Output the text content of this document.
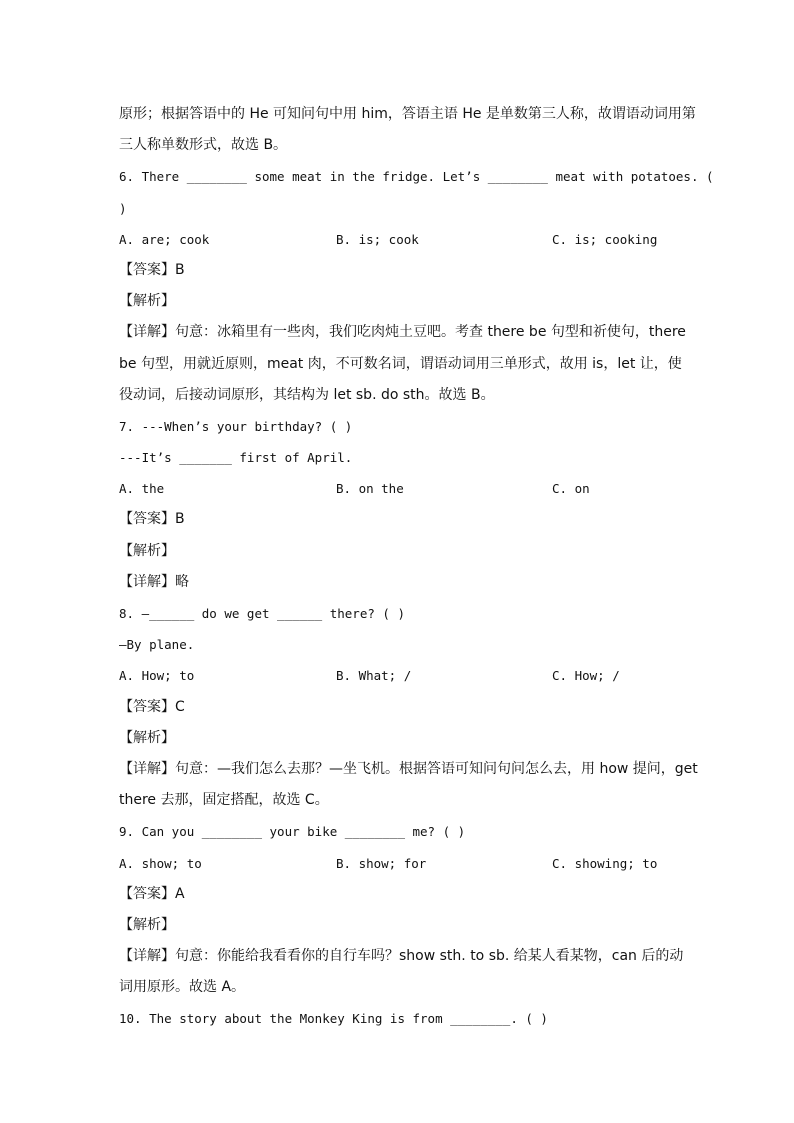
原形；根据答语中的 He 可知问句中用 him，答语主语 He 是单数第三人称，故谓语动词用第
三人称单数形式，故选 B。
6. There ________ some meat in the fridge. Let’s ________ meat with potatoes. (
)
A. are; cook	B. is; cook	C. is; cooking
【答案】B
【解析】
【详解】句意：冰箱里有一些肉，我们吃肉炖土豆吧。考查 there be 句型和祈使句，there
be 句型，用就近原则，meat 肉，不可数名词，谓语动词用三单形式，故用 is，let 让，使
役动词，后接动词原形，其结构为 let sb. do sth。故选 B。
7. ---When’s your birthday? ( )
---It’s _______ first of April.
A. the	B. on the	C. on
【答案】B
【解析】
【详解】略
8. —______ do we get ______ there? ( )
—By plane.
A. How; to	B. What; /	C. How; /
【答案】C
【解析】
【详解】句意：—我们怎么去那？—坐飞机。根据答语可知问句问怎么去，用 how 提问，get
there 去那，固定搭配，故选 C。
9. Can you ________ your bike ________ me? ( )
A. show; to	B. show; for	C. showing; to
【答案】A
【解析】
【详解】句意：你能给我看看你的自行车吗？show sth. to sb. 给某人看某物，can 后的动
词用原形。故选 A。
10. The story about the Monkey King is from ________. ( )
